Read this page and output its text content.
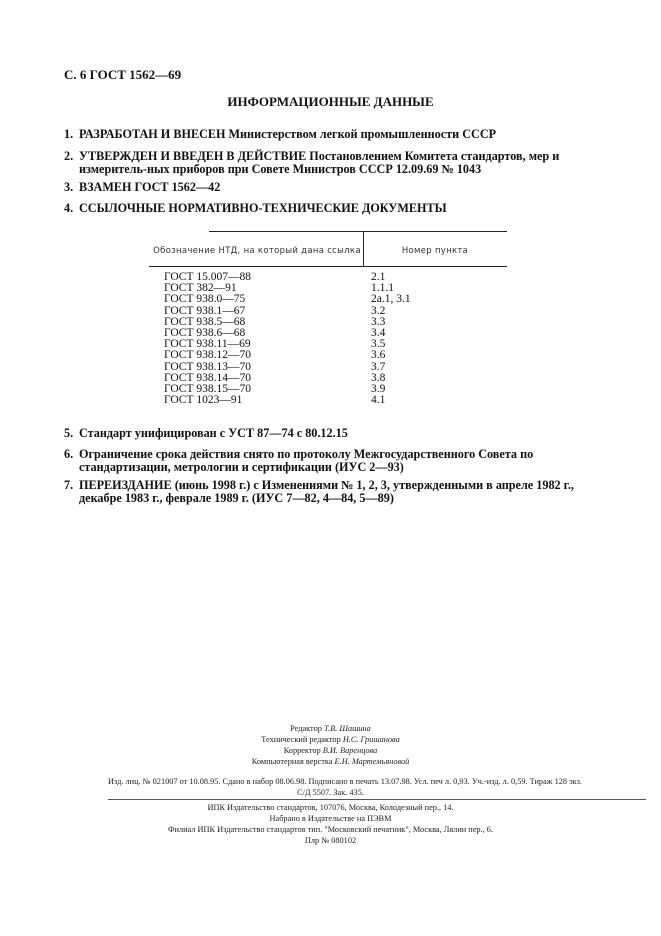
С. 6 ГОСТ 1562—69
ИНФОРМАЦИОННЫЕ ДАННЫЕ
1. РАЗРАБОТАН И ВНЕСЕН Министерством легкой промышленности СССР
2. УТВЕРЖДЕН И ВВЕДЕН В ДЕЙСТВИЕ Постановлением Комитета стандартов, мер и измеритель-ных приборов при Совете Министров СССР 12.09.69 № 1043
3. ВЗАМЕН ГОСТ 1562—42
4. ССЫЛОЧНЫЕ НОРМАТИВНО-ТЕХНИЧЕСКИЕ ДОКУМЕНТЫ
Обозначение НТД, на который дана ссылка	Номер пункта
ГОСТ 15.007—88	2.1
ГОСТ 382—91	1.1.1
ГОСТ 938.0—75	2а.1, 3.1
ГОСТ 938.1—67	3.2
ГОСТ 938.5—68	3.3
ГОСТ 938.6—68	3.4
ГОСТ 938.11—69	3.5
ГОСТ 938.12—70	3.6
ГОСТ 938.13—70	3.7
ГОСТ 938.14—70	3.8
ГОСТ 938.15—70	3.9
ГОСТ 1023—91	4.1
5. Стандарт унифицирован с УСТ 87—74 с 80.12.15
6. Ограничение срока действия снято по протоколу Межгосударственного Совета по стандартизации, метрологии и сертификации (ИУС 2—93)
7. ПЕРЕИЗДАНИЕ (июнь 1998 г.) с Изменениями № 1, 2, 3, утвержденными в апреле 1982 г., декабре 1983 г., феврале 1989 г. (ИУС 7—82, 4—84, 5—89)
Редактор Т.В. Шашина
Технический редактор Н.С. Гришанова
Корректор В.И. Варенцова
Компьютерная верстка Е.Н. Мартемьяновой
Изд. лиц. № 021007 от 10.08.95. Сдано в набор 08.06.98. Подписано в печать 13.07.98. Усл. печ л. 0,93. Уч.-изд. л. 0,59. Тираж 128 экз.
С/Д 5507. Зак. 435.
ИПК Издательство стандартов, 107076, Москва, Колодезный пер., 14.
Набрано в Издательстве на ПЭВМ
Филиал ИПК Издательство стандартов тип. "Московский печатник", Москва, Лялин пер., 6.
Плр № 080102
